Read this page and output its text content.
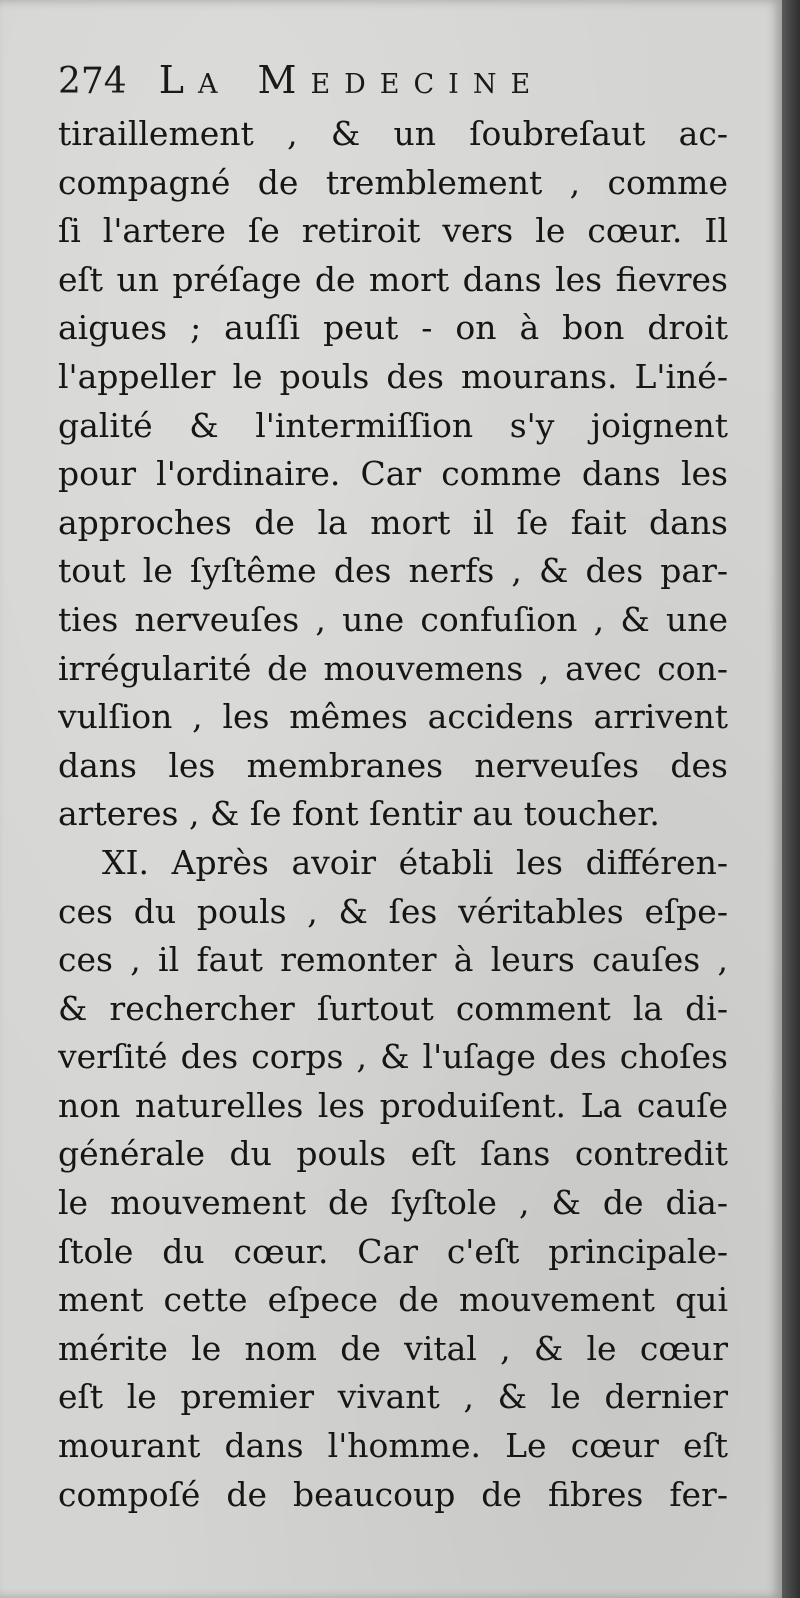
274 La Medecine
tiraillement , & un ſoubreſaut ac-
compagné de tremblement , comme
ſi l'artere ſe retiroit vers le cœur. Il
eſt un préſage de mort dans les fievres
aigues ; auſſi peut - on à bon droit
l'appeller le pouls des mourans. L'iné-
galité & l'intermiſſion s'y joignent
pour l'ordinaire. Car comme dans les
approches de la mort il ſe fait dans
tout le ſyſtême des nerfs , & des par-
ties nerveuſes , une confuſion , & une
irrégularité de mouvemens , avec con-
vulſion , les mêmes accidens arrivent
dans les membranes nerveuſes des
arteres , & ſe font ſentir au toucher.
XI. Après avoir établi les différen-
ces du pouls , & ſes véritables eſpe-
ces , il faut remonter à leurs cauſes ,
& rechercher ſurtout comment la di-
verſité des corps , & l'uſage des choſes
non naturelles les produiſent. La cauſe
générale du pouls eſt ſans contredit
le mouvement de ſyſtole , & de dia-
ſtole du cœur. Car c'eſt principale-
ment cette eſpece de mouvement qui
mérite le nom de vital , & le cœur
eſt le premier vivant , & le dernier
mourant dans l'homme. Le cœur eſt
compoſé de beaucoup de fibres fer-
